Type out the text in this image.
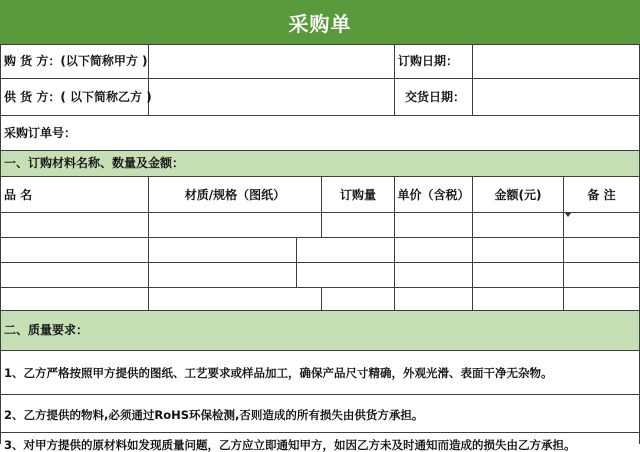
采购单
购 货 方：(以下简称甲方 )	订购日期：
供 货 方：( 以下简称乙方 )	交货日期：
采购订单号：
一、订购材料名称、数量及金额：
品 名	材质/规格（图纸）	订购量	单价（含税）	金额(元)	备 注
二、质量要求：
1、乙方严格按照甲方提供的图纸、工艺要求或样品加工，确保产品尺寸精确，外观光滑、表面干净无杂物。
2、乙方提供的物料,必须通过RoHS环保检测,否则造成的所有损失由供货方承担。
3、对甲方提供的原材料如发现质量问题，乙方应立即通知甲方，如因乙方未及时通知而造成的损失由乙方承担。
